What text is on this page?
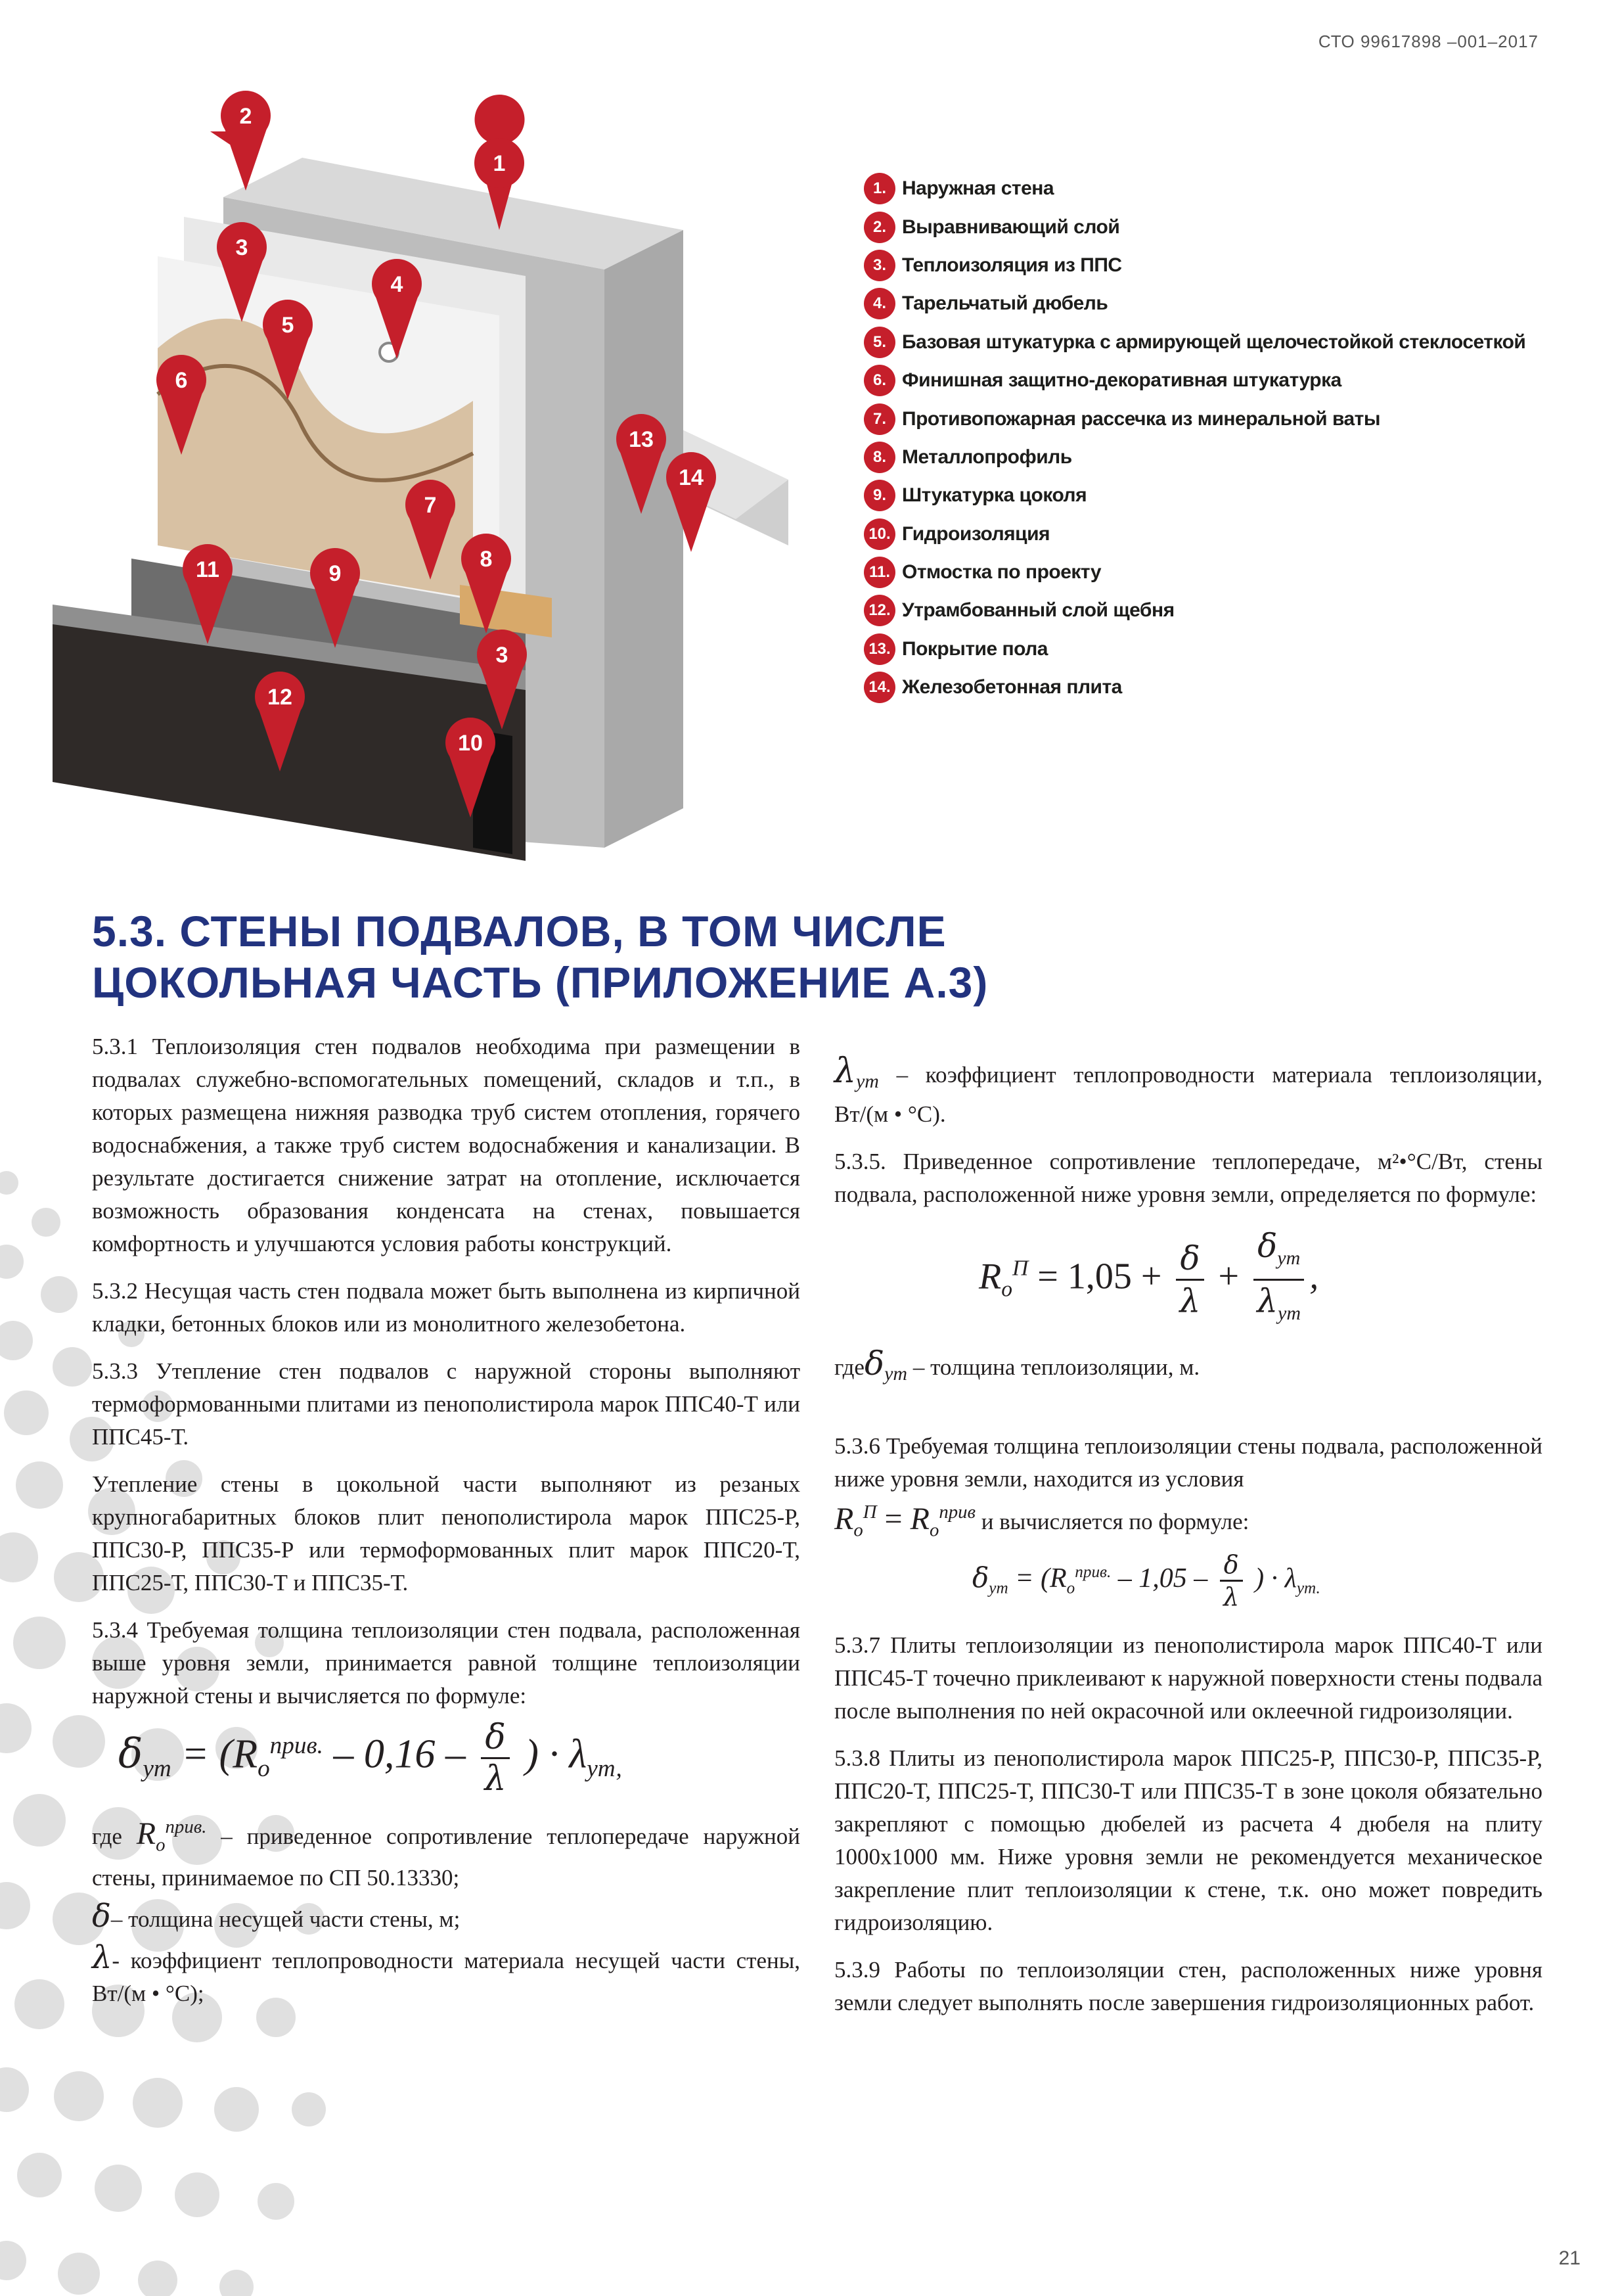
СТО 99617898 –001–2017
21
1
2
3
4
5
6
7
8
9
10
11
12
13
14
3
1. Наружная стена
2. Выравнивающий слой
3. Теплоизоляция из ППС
4. Тарельчатый дюбель
5. Базовая штукатурка с армирующей щелочестойкой стеклосеткой
6. Финишная защитно-декоративная штукатурка
7. Противопожарная рассечка из минеральной ваты
8. Металлопрофиль
9. Штукатурка цоколя
10. Гидроизоляция
11. Отмостка по проекту
12. Утрамбованный слой щебня
13. Покрытие пола
14. Железобетонная плита
5.3. СТЕНЫ ПОДВАЛОВ, В ТОМ ЧИСЛЕ
ЦОКОЛЬНАЯ ЧАСТЬ (ПРИЛОЖЕНИЕ А.3)

5.3.1 Теплоизоляция стен подвалов необходима при размещении в подвалах служебно-вспомогательных помещений, складов и т.п., в которых размещена нижняя разводка труб систем отопления, горячего водоснабжения, а также труб систем водоснабжения и канализации. В результате достигается снижение затрат на отопление, исключается возможность образования конденсата на стенах, повышается комфортность и улучшаются условия работы конструкций.

5.3.2 Несущая часть стен подвала может быть выполнена из кирпичной кладки, бетонных блоков или из монолитного железобетона.

5.3.3 Утепление стен подвалов с наружной стороны выполняют термоформованными плитами из пенополистирола марок ППС40-Т или ППС45-Т.

Утепление стены в цокольной части выполняют из резаных крупногабаритных блоков плит пенополистирола марок ППС25-Р, ППС30-Р, ППС35-Р или термоформованных плит марок ППС20-Т, ППС25-Т, ППС30-Т и ППС35-Т.

5.3.4 Требуемая толщина теплоизоляции стен подвала, расположенная выше уровня земли, принимается равной толщине теплоизоляции наружной стены и вычисляется по формуле:

$\delta_{ут} = (R_о^{прив.} - 0,16 - \frac{\delta}{\lambda}$ ) · $\lambda_{ут,}$

где $R_о^{прив.}$ – приведенное сопротивление теплопередаче наружной стены, принимаемое по СП 50.13330;

δ– толщина несущей части стены, м;

λ- коэффициент теплопроводности материала несущей части стены, Вт/(м • °С);

$\lambda_{ут}$ – коэффициент теплопроводности материала теплоизоляции, Вт/(м • °С).

5.3.5. Приведенное сопротивление теплопередаче, м²•°С/Вт, стены подвала, расположенной ниже уровня земли, определяется по формуле:

$R_о^П = 1,05 + \frac{\delta}{\lambda} + \frac{\delta_{ут}}{\lambda_{ут}}$ ,

гдеδ$_{ут}$ – толщина теплоизоляции, м.

5.3.6 Требуемая толщина теплоизоляции стены подвала, расположенной ниже уровня земли, находится из условия
$R_о^П = R_о^{прив}$ и вычисляется по формуле:

$\delta_{ут} = (R_о^{прив.} - 1,05 - \frac{\delta}{\lambda}$ ) · $\lambda_{ут.}$

5.3.7 Плиты теплоизоляции из пенополистирола марок ППС40-Т или ППС45-Т точечно приклеивают к наружной поверхности стены подвала после выполнения по ней окрасочной или оклеечной гидроизоляции.

5.3.8 Плиты из пенополистирола марок ППС25-Р, ППС30-Р, ППС35-Р, ППС20-Т, ППС25-Т, ППС30-Т или ППС35-Т в зоне цоколя обязательно закрепляют с помощью дюбелей из расчета 4 дюбеля на плиту 1000х1000 мм. Ниже уровня земли не рекомендуется механическое закрепление плит теплоизоляции к стене, т.к. оно может повредить гидроизоляцию.

5.3.9 Работы по теплоизоляции стен, расположенных ниже уровня земли следует выполнять после завершения гидроизоляционных работ.
